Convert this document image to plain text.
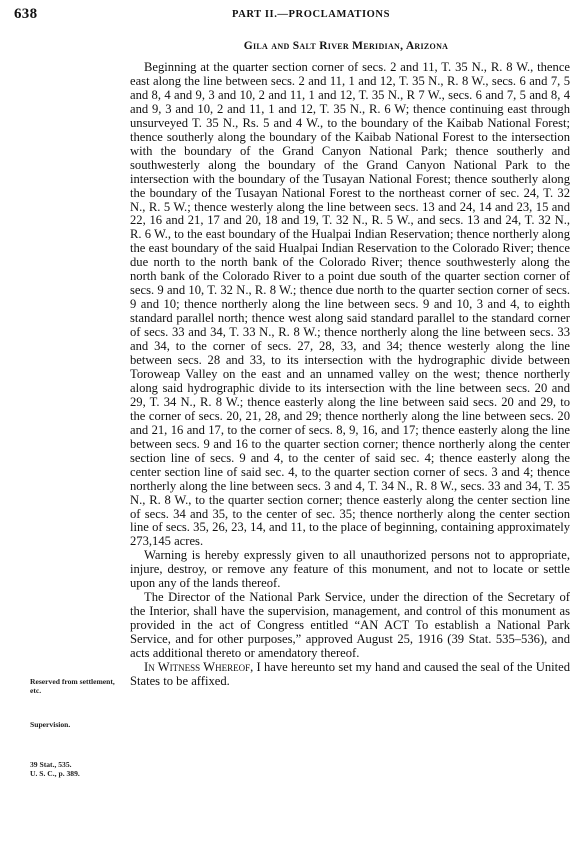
638	PART II.—PROCLAMATIONS
Gila and Salt River Meridian, Arizona

Beginning at the quarter section corner of secs. 2 and 11, T. 35 N., R. 8 W., thence east along the line between secs. 2 and 11, 1 and 12, T. 35 N., R. 8 W., secs. 6 and 7, 5 and 8, 4 and 9, 3 and 10, 2 and 11, 1 and 12, T. 35 N., R 7 W., secs. 6 and 7, 5 and 8, 4 and 9, 3 and 10, 2 and 11, 1 and 12, T. 35 N., R. 6 W; thence continuing east through unsurveyed T. 35 N., Rs. 5 and 4 W., to the boundary of the Kaibab National Forest; thence southerly along the boundary of the Kaibab National Forest to the intersection with the boundary of the Grand Canyon National Park; thence southerly and southwesterly along the boundary of the Grand Canyon National Park to the intersection with the boundary of the Tusayan National Forest; thence southerly along the boundary of the Tusayan National Forest to the northeast corner of sec. 24, T. 32 N., R. 5 W.; thence westerly along the line between secs. 13 and 24, 14 and 23, 15 and 22, 16 and 21, 17 and 20, 18 and 19, T. 32 N., R. 5 W., and secs. 13 and 24, T. 32 N., R. 6 W., to the east boundary of the Hualpai Indian Reservation; thence northerly along the east boundary of the said Hualpai Indian Reservation to the Colorado River; thence due north to the north bank of the Colorado River; thence southwesterly along the north bank of the Colorado River to a point due south of the quarter section corner of secs. 9 and 10, T. 32 N., R. 8 W.; thence due north to the quarter section corner of secs. 9 and 10; thence northerly along the line between secs. 9 and 10, 3 and 4, to eighth standard parallel north; thence west along said standard parallel to the standard corner of secs. 33 and 34, T. 33 N., R. 8 W.; thence northerly along the line between secs. 33 and 34, to the corner of secs. 27, 28, 33, and 34; thence westerly along the line between secs. 28 and 33, to its intersection with the hydrographic divide between Toroweap Valley on the east and an unnamed valley on the west; thence northerly along said hydrographic divide to its intersection with the line between secs. 20 and 29, T. 34 N., R. 8 W.; thence easterly along the line between said secs. 20 and 29, to the corner of secs. 20, 21, 28, and 29; thence northerly along the line between secs. 20 and 21, 16 and 17, to the corner of secs. 8, 9, 16, and 17; thence easterly along the line between secs. 9 and 16 to the quarter section corner; thence northerly along the center section line of secs. 9 and 4, to the center of said sec. 4; thence easterly along the center section line of said sec. 4, to the quarter section corner of secs. 3 and 4; thence northerly along the line between secs. 3 and 4, T. 34 N., R. 8 W., secs. 33 and 34, T. 35 N., R. 8 W., to the quarter section corner; thence easterly along the center section line of secs. 34 and 35, to the center of sec. 35; thence northerly along the center section line of secs. 35, 26, 23, 14, and 11, to the place of beginning, containing approximately 273,145 acres.

Warning is hereby expressly given to all unauthorized persons not to appropriate, injure, destroy, or remove any feature of this monument, and not to locate or settle upon any of the lands thereof.

The Director of the National Park Service, under the direction of the Secretary of the Interior, shall have the supervision, management, and control of this monument as provided in the act of Congress entitled “AN ACT To establish a National Park Service, and for other purposes,” approved August 25, 1916 (39 Stat. 535–536), and acts additional thereto or amendatory thereof.

In Witness Whereof, I have hereunto set my hand and caused the seal of the United States to be affixed.

Reserved from settlement, etc.
Supervision.
39 Stat., 535.
U. S. C., p. 389.
